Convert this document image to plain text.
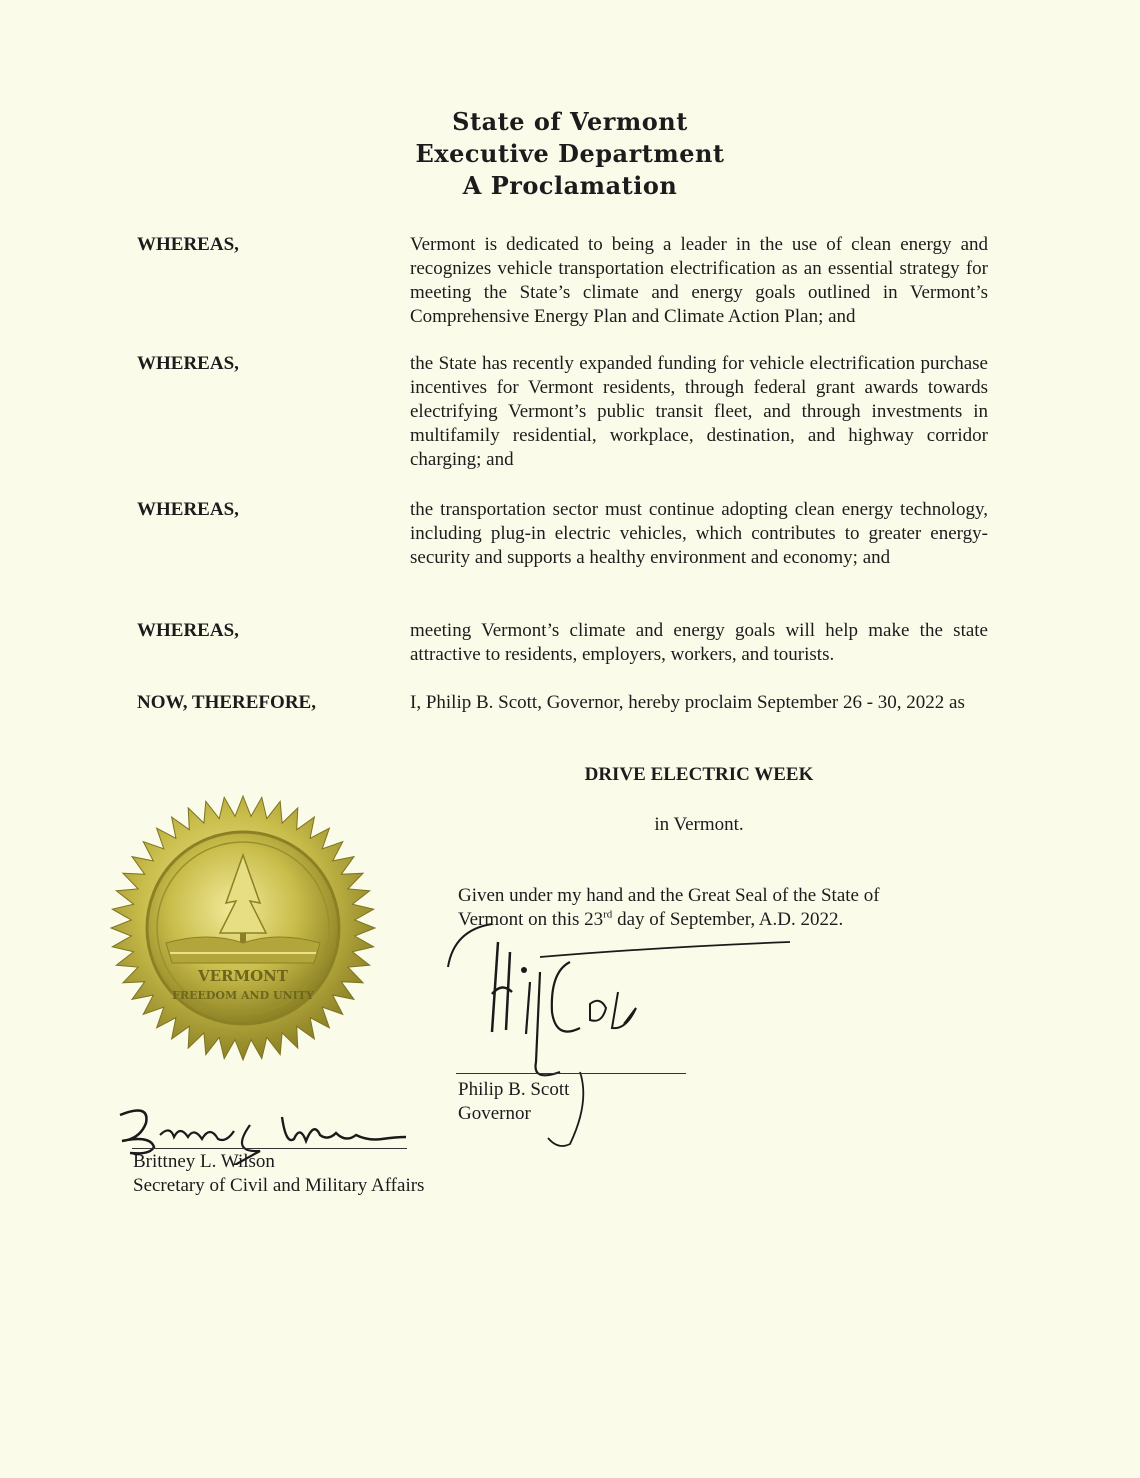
State of Vermont
Executive Department
A Proclamation
WHEREAS,	Vermont is dedicated to being a leader in the use of clean energy and recognizes vehicle transportation electrification as an essential strategy for meeting the State’s climate and energy goals outlined in Vermont’s Comprehensive Energy Plan and Climate Action Plan; and
WHEREAS,	the State has recently expanded funding for vehicle electrification purchase incentives for Vermont residents, through federal grant awards towards electrifying Vermont’s public transit fleet, and through investments in multifamily residential, workplace, destination, and highway corridor charging; and
WHEREAS,	the transportation sector must continue adopting clean energy technology, including plug-in electric vehicles, which contributes to greater energy-security and supports a healthy environment and economy; and
WHEREAS,	meeting Vermont’s climate and energy goals will help make the state attractive to residents, employers, workers, and tourists.
NOW, THEREFORE,	I, Philip B. Scott, Governor, hereby proclaim September 26 - 30, 2022 as
DRIVE ELECTRIC WEEK
in Vermont.
VERMONT
FREEDOM AND UNITY
Given under my hand and the Great Seal of the State of
Vermont on this 23rd day of September, A.D. 2022.
Philip B. Scott
Governor
Brittney L. Wilson
Secretary of Civil and Military Affairs
